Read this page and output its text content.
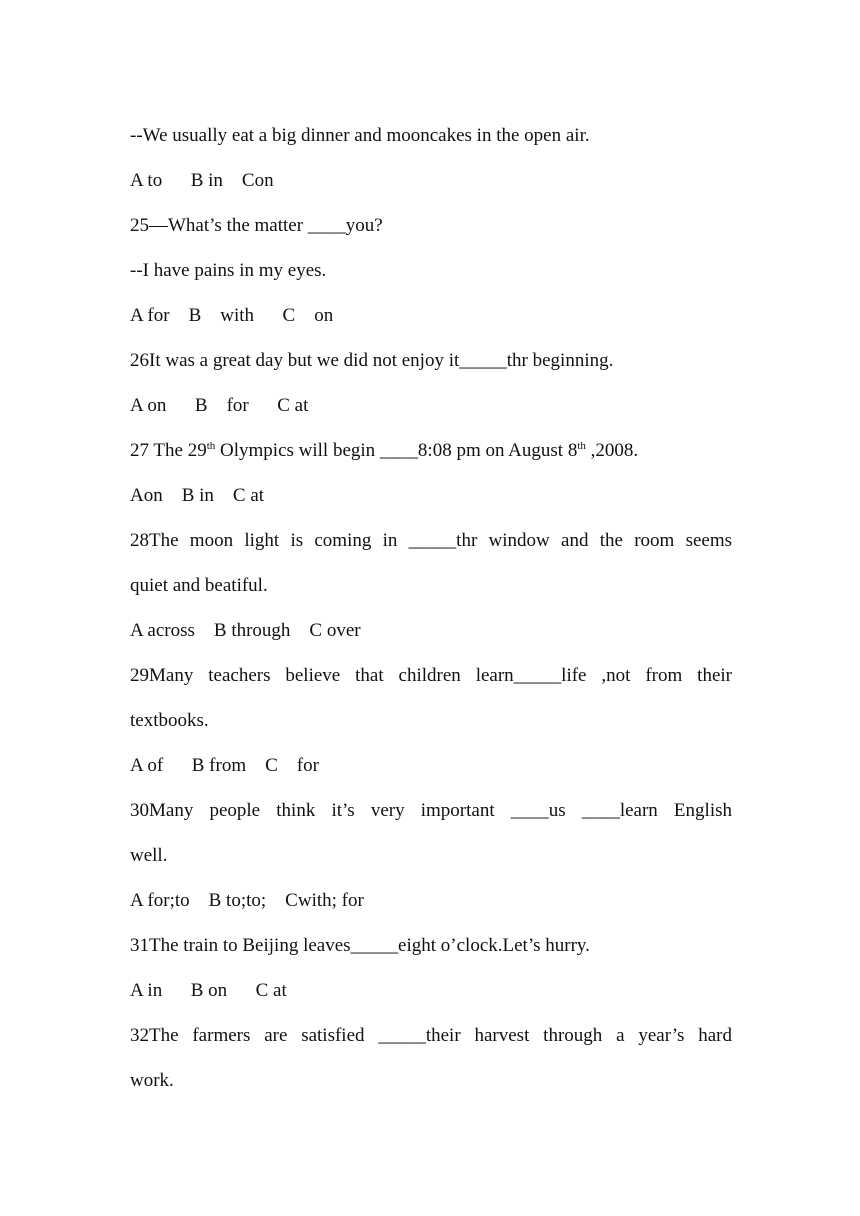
--We usually eat a big dinner and mooncakes in the open air.
A to      B in    Con
25—What’s the matter ____you?
--I have pains in my eyes.
A for    B    with      C    on
26It was a great day but we did not enjoy it_____thr beginning.
A on      B    for      C at
27 The 29th Olympics will begin ____8:08 pm on August 8th ,2008.
Aon    B in    C at
28The moon light is coming in _____thr window and the room seems
quiet and beatiful.
A across    B through    C over
29Many teachers believe that children learn_____life ,not from their
textbooks.
A of      B from    C    for
30Many people think it’s very important ____us ____learn English
well.
A for;to    B to;to;    Cwith; for
31The train to Beijing leaves_____eight o’clock.Let’s hurry.
A in      B on      C at
32The farmers are satisfied _____their harvest through a year’s hard
work.
